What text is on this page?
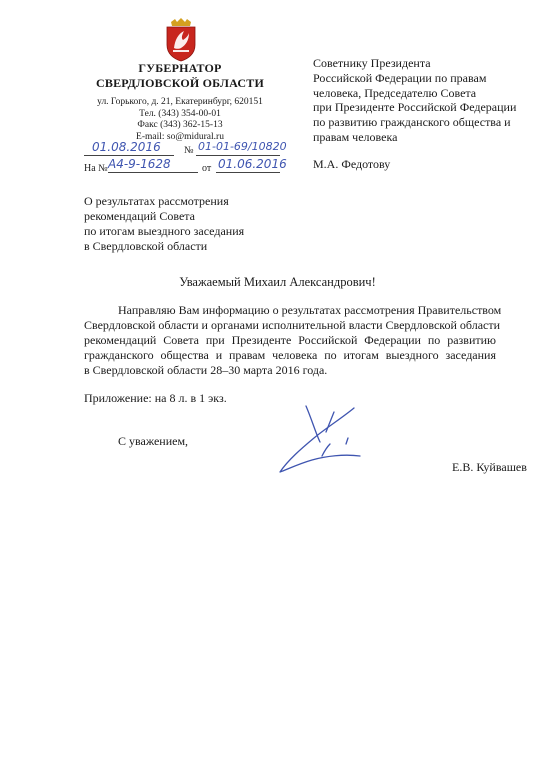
ГУБЕРНАТОР
СВЕРДЛОВСКОЙ ОБЛАСТИ
ул. Горького, д. 21, Екатеринбург, 620151
Тел. (343) 354-00-01
Факс (343) 362-15-13
E-mail: so@midural.ru
01.08.2016 № 01-01-69/10820
На № А4-9-1628	от 01.06.2016
Советнику Президента
Российской Федерации по правам
человека, Председателю Совета
при Президенте Российской Федерации
по развитию гражданского общества и
правам человека
М.А. Федотову
О результатах рассмотрения
рекомендаций Совета
по итогам выездного заседания
в Свердловской области
Уважаемый Михаил Александрович!
Направляю Вам информацию о результатах рассмотрения Правительством
Свердловской области и органами исполнительной власти Свердловской области
рекомендаций Совета при Президенте Российской Федерации по развитию
гражданского общества и правам человека по итогам выездного заседания
в Свердловской области 28–30 марта 2016 года.
Приложение: на 8 л. в 1 экз.
С уважением,
Е.В. Куйвашев
